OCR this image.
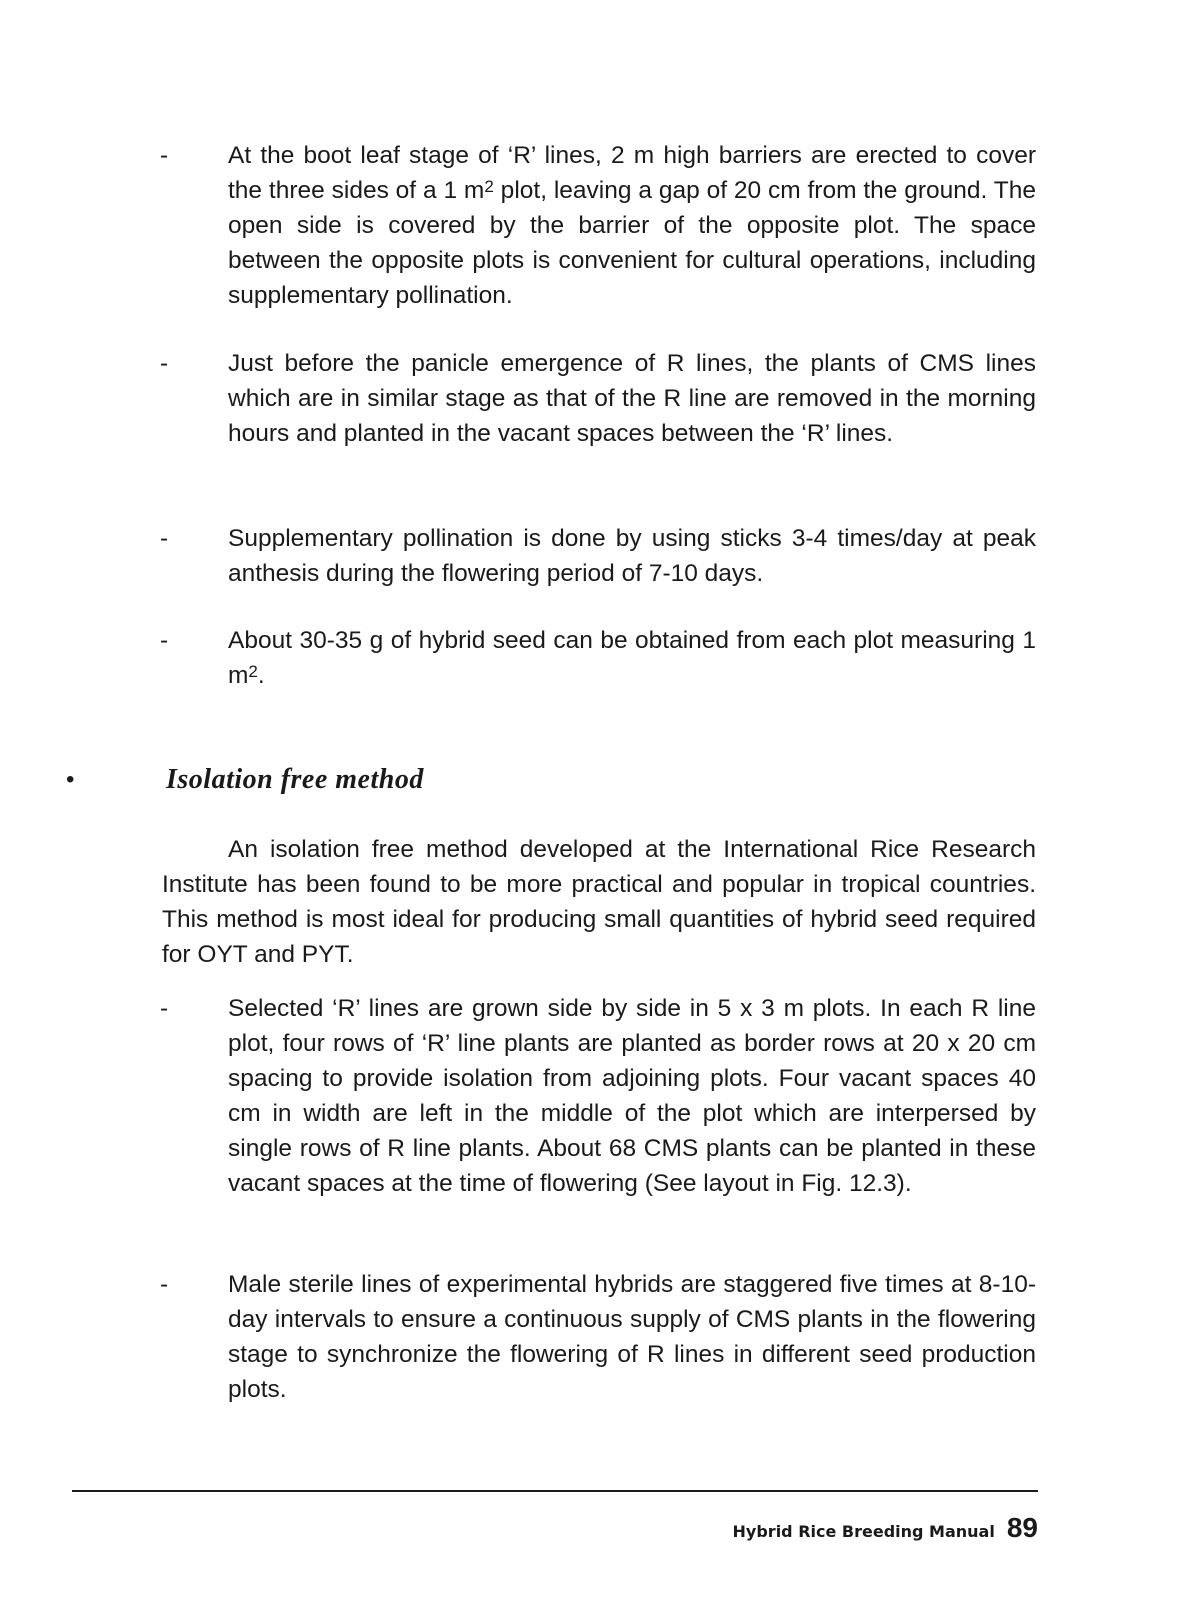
-	At the boot leaf stage of ‘R’ lines, 2 m high barriers are erected to cover the three sides of a 1 $m^2$ plot, leaving a gap of 20 cm from the ground. The open side is covered by the barrier of the opposite plot. The space between the opposite plots is convenient for cultural operations, including supplementary pollination.
-	Just before the panicle emergence of R lines, the plants of CMS lines which are in similar stage as that of the R line are removed in the morning hours and planted in the vacant spaces between the ‘R’ lines.
-	Supplementary pollination is done by using sticks 3-4 times/day at peak anthesis during the flowering period of 7-10 days.
-	About 30-35 g of hybrid seed can be obtained from each plot measuring 1 $m^2$.
•	Isolation free method
An isolation free method developed at the International Rice Research Institute has been found to be more practical and popular in tropical countries. This method is most ideal for producing small quantities of hybrid seed required for OYT and PYT.
-	Selected ‘R’ lines are grown side by side in 5 x 3 m plots. In each R line plot, four rows of ‘R’ line plants are planted as border rows at 20 x 20 cm spacing to provide isolation from adjoining plots. Four vacant spaces 40 cm in width are left in the middle of the plot which are interpersed by single rows of R line plants. About 68 CMS plants can be planted in these vacant spaces at the time of flowering (See layout in Fig. 12.3).
-	Male sterile lines of experimental hybrids are staggered five times at 8-10-day intervals to ensure a continuous supply of CMS plants in the flowering stage to synchronize the flowering of R lines in different seed production plots.
Hybrid Rice Breeding Manual 89
